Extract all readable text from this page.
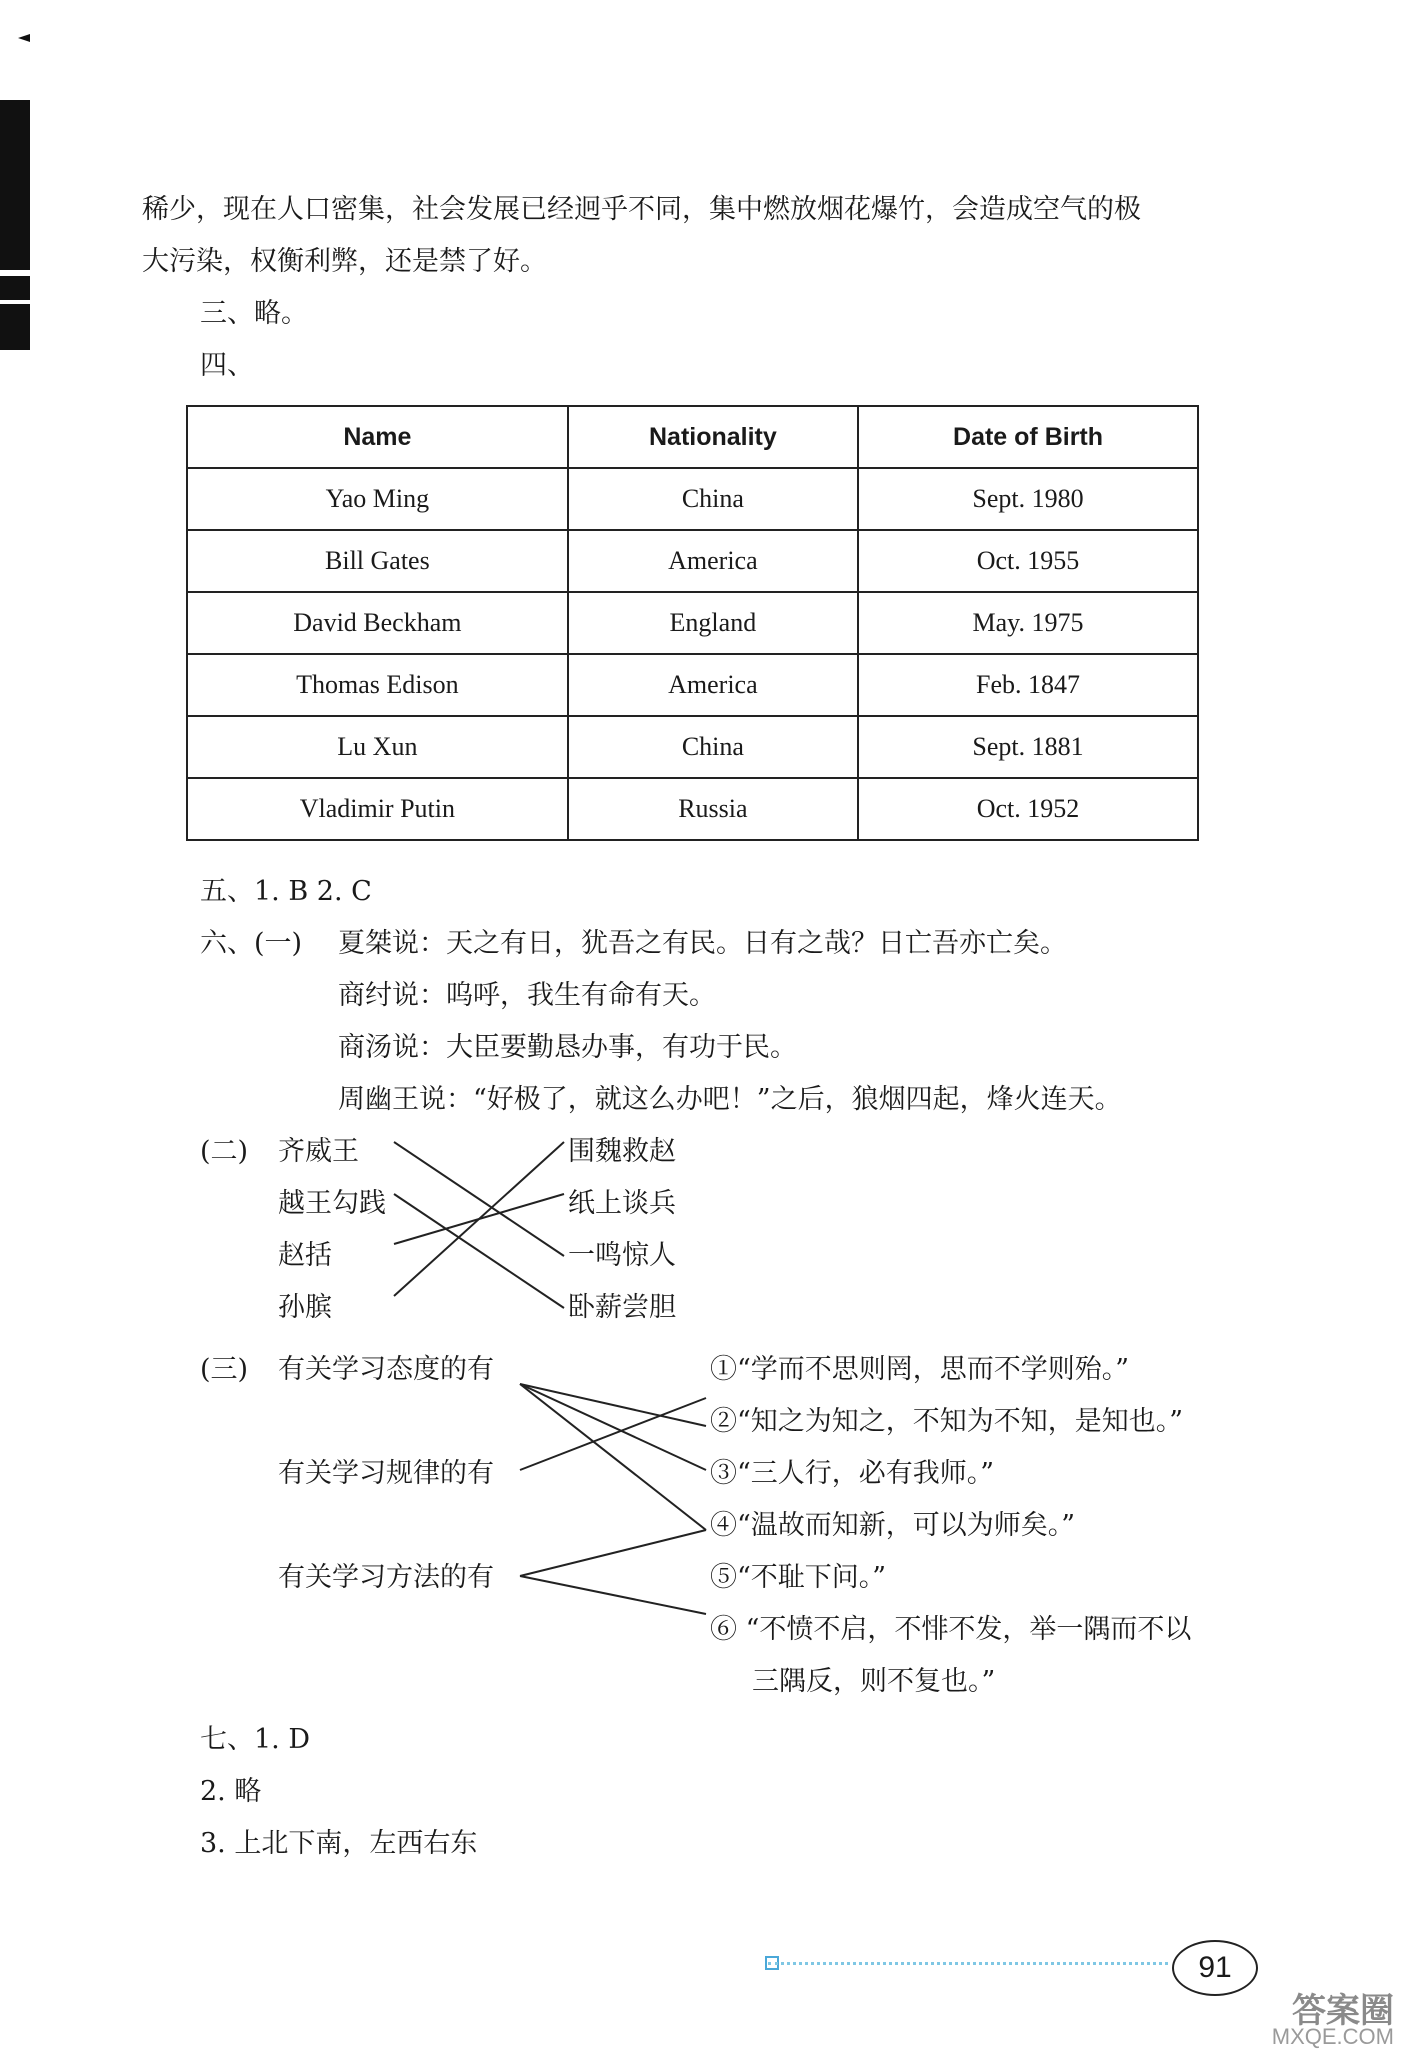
稀少，现在人口密集，社会发展已经迥乎不同，集中燃放烟花爆竹，会造成空气的极
大污染，权衡利弊，还是禁了好。
三、略。
四、
Name	Nationality	Date of Birth
Yao Ming	China	Sept. 1980
Bill Gates	America	Oct. 1955
David Beckham	England	May. 1975
Thomas Edison	America	Feb. 1847
Lu Xun	China	Sept. 1881
Vladimir Putin	Russia	Oct. 1952
五、1. B 2. C
六、(一) 夏桀说：天之有日，犹吾之有民。日有之哉？日亡吾亦亡矣。
商纣说：呜呼，我生有命有天。
商汤说：大臣要勤恳办事，有功于民。
周幽王说：“好极了，就这么办吧！”之后，狼烟四起，烽火连天。
(二) 齐威王
越王勾践
赵括
孙膑
围魏救赵
纸上谈兵
一鸣惊人
卧薪尝胆
(三) 有关学习态度的有
有关学习规律的有
有关学习方法的有
①“学而不思则罔，思而不学则殆。”
②“知之为知之，不知为不知，是知也。”
③“三人行，必有我师。”
④“温故而知新，可以为师矣。”
⑤“不耻下问。”
⑥ “不愤不启，不悱不发，举一隅而不以
三隅反，则不复也。”
七、1. D
2. 略
3. 上北下南，左西右东
91
答案圈
MXQE.COM
